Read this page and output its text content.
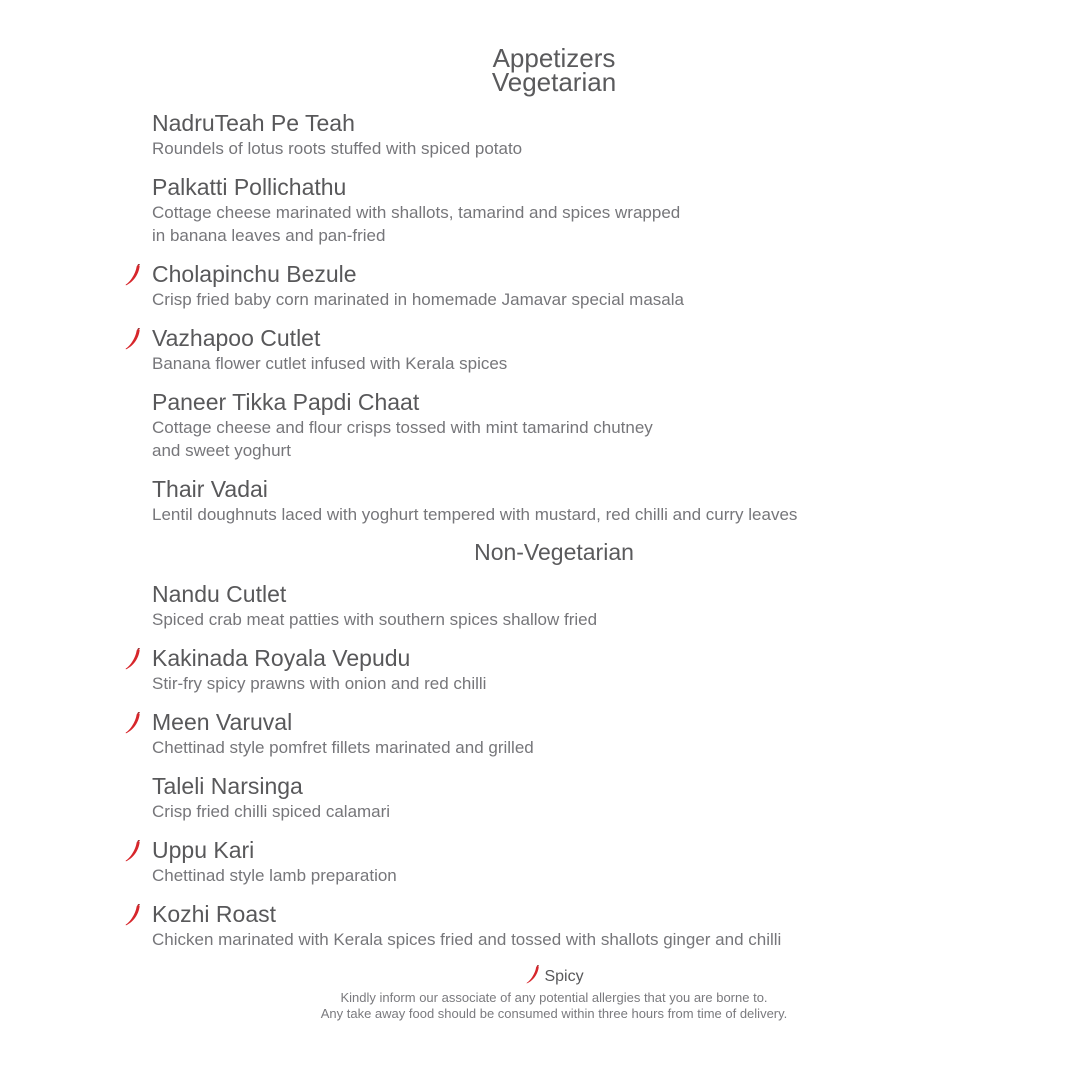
Appetizers
Vegetarian
NadruTeah Pe Teah
Roundels of lotus roots stuffed with spiced potato
Palkatti Pollichathu
Cottage cheese marinated with shallots, tamarind and spices wrapped
in banana leaves and pan-fried
Cholapinchu Bezule
Crisp fried baby corn marinated in homemade Jamavar special masala
Vazhapoo Cutlet
Banana flower cutlet infused with Kerala spices
Paneer Tikka Papdi Chaat
Cottage cheese and flour crisps tossed with mint tamarind chutney
and sweet yoghurt
Thair Vadai
Lentil doughnuts laced with yoghurt tempered with mustard, red chilli and curry leaves
Non-Vegetarian
Nandu Cutlet
Spiced crab meat patties with southern spices shallow fried
Kakinada Royala Vepudu
Stir-fry spicy prawns with onion and red chilli
Meen Varuval
Chettinad style pomfret fillets marinated and grilled
Taleli Narsinga
Crisp fried chilli spiced calamari
Uppu Kari
Chettinad style lamb preparation
Kozhi Roast
Chicken marinated with Kerala spices fried and tossed with shallots ginger and chilli
Spicy
Kindly inform our associate of any potential allergies that you are borne to.
Any take away food should be consumed within three hours from time of delivery.
